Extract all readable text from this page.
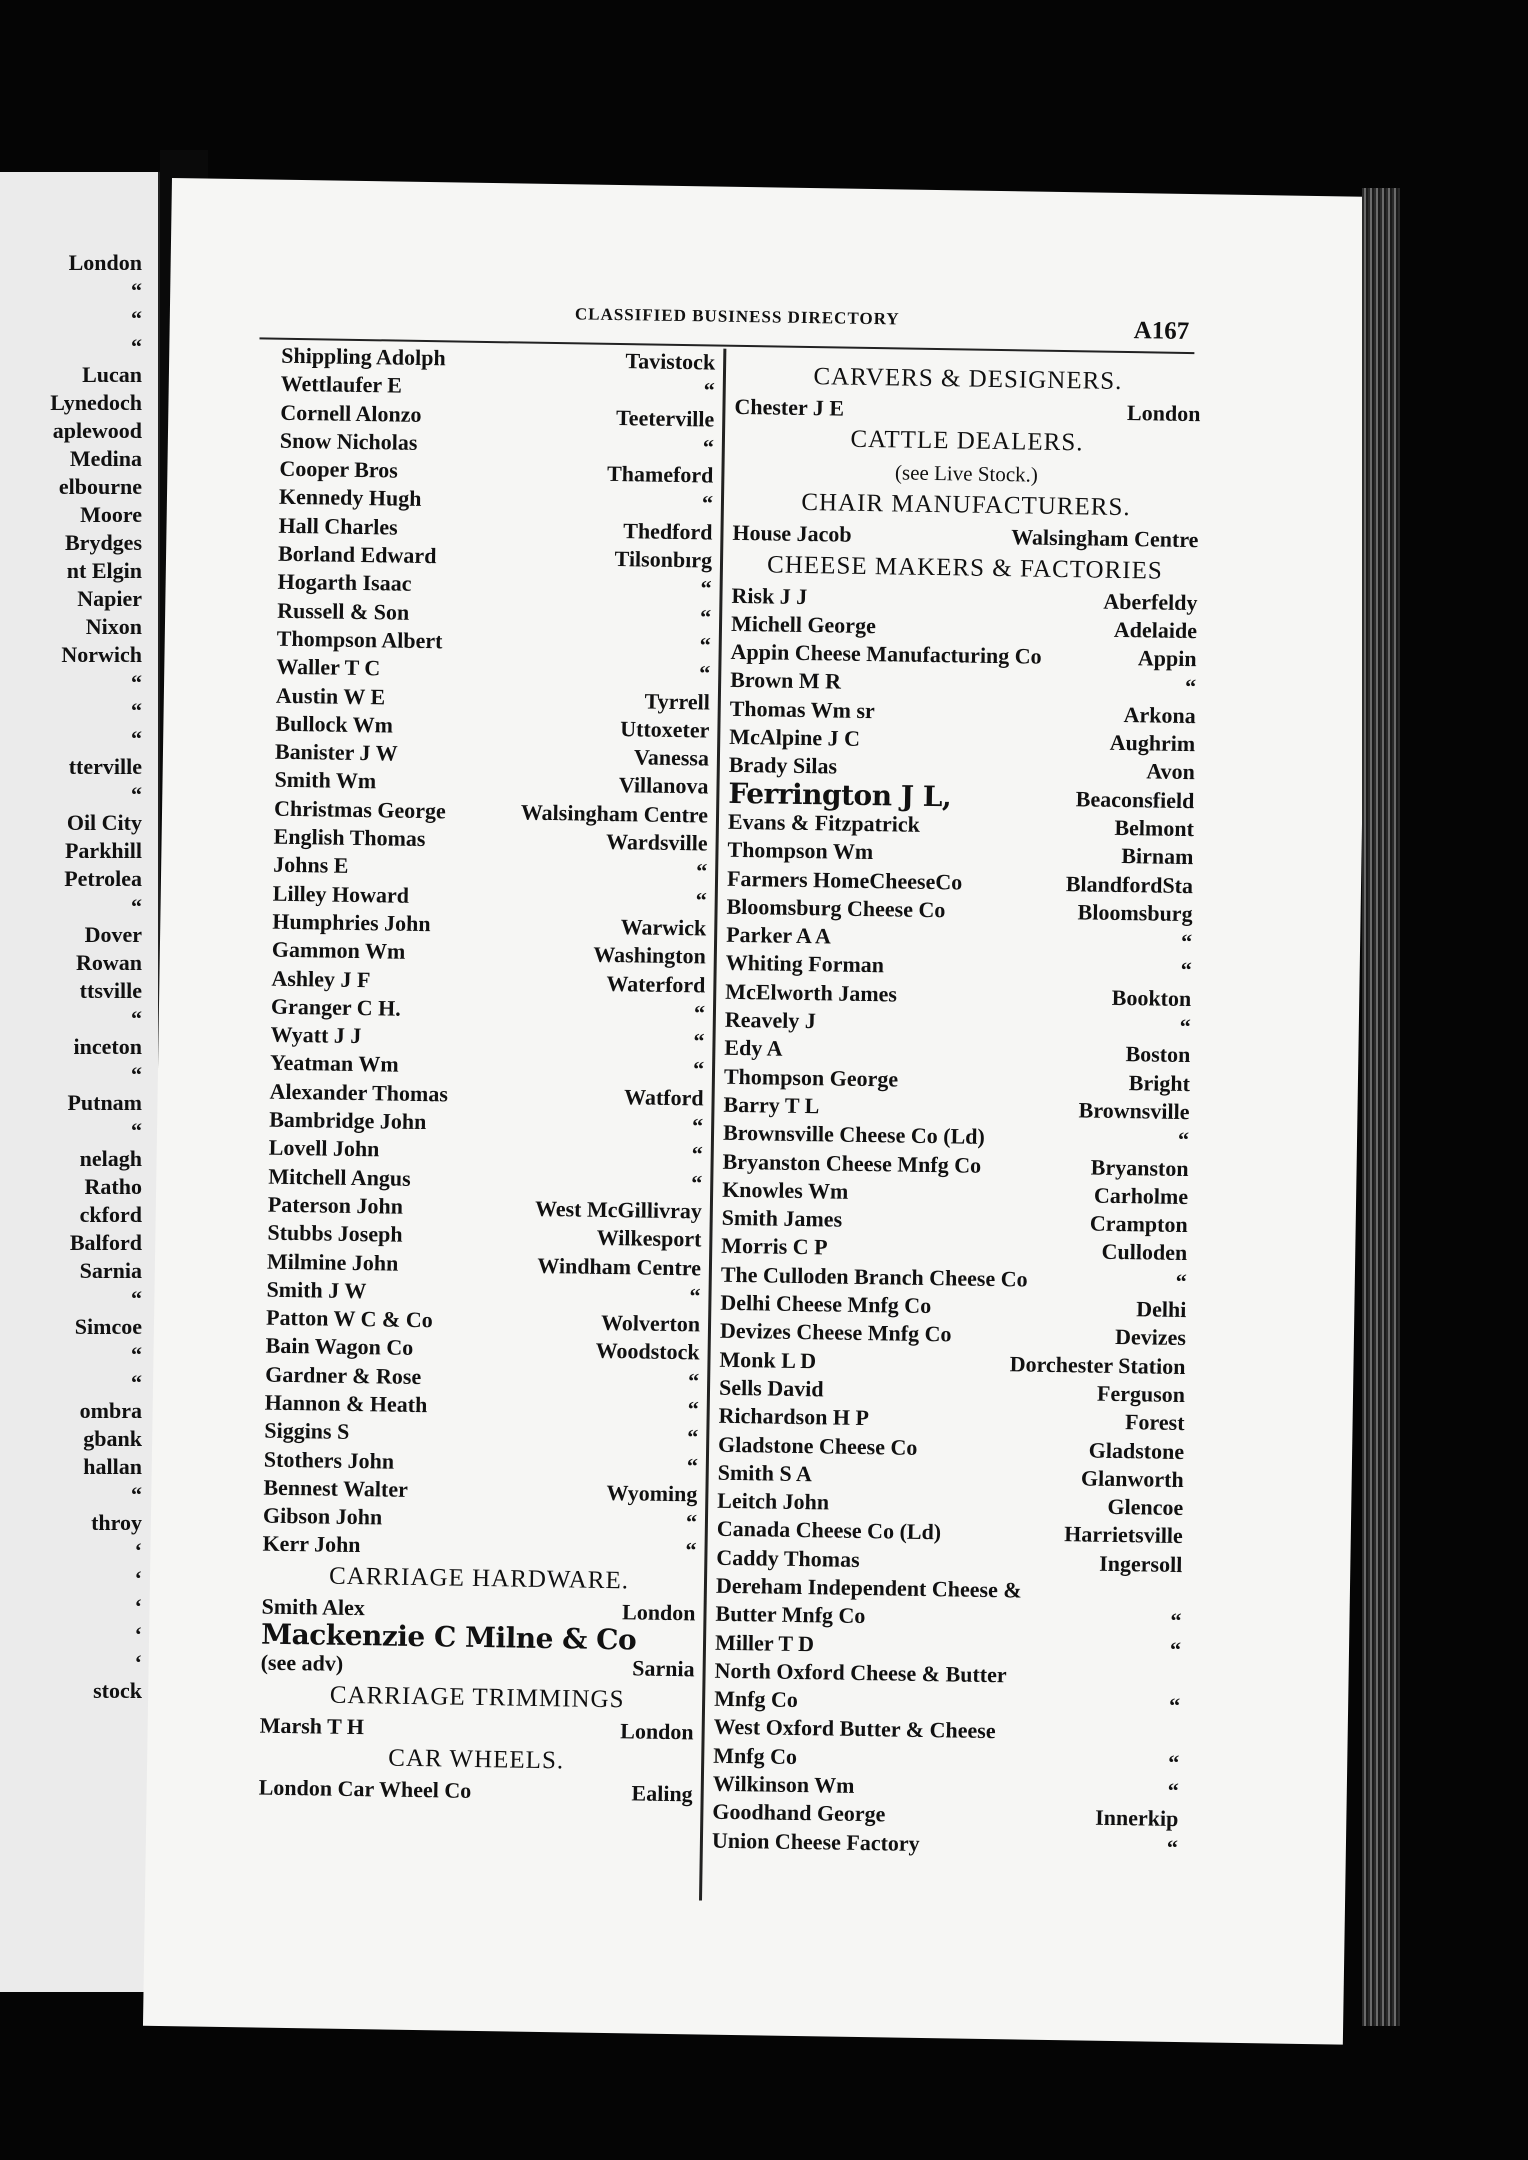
London
“
“
“
Lucan
Lynedoch
aplewood
Medina
elbourne
Moore
Brydges
nt Elgin
Napier
Nixon
Norwich
“
“
“
tterville
“
Oil City
Parkhill
Petrolea
“
Dover
Rowan
ttsville
“
inceton
“
Putnam
“
nelagh
Ratho
ckford
Balford
Sarnia
“
Simcoe
“
“
ombra
gbank
hallan
“
throy
‘
‘
‘
‘
‘
stock
CLASSIFIED BUSINESS DIRECTORY
A167
Shippling Adolph	Tavistock
Wettlaufer E	“
Cornell Alonzo	Teeterville
Snow Nicholas	“
Cooper Bros	Thameford
Kennedy Hugh	“
Hall Charles	Thedford
Borland Edward	Tilsonbırg
Hogarth Isaac	“
Russell & Son	“
Thompson Albert	“
Waller T C	“
Austin W E	Tyrrell
Bullock Wm	Uttoxeter
Banister J W	Vanessa
Smith Wm	Villanova
Christmas George	Walsingham Centre
English Thomas	Wardsville
Johns E	“
Lilley Howard	“
Humphries John	Warwick
Gammon Wm	Washington
Ashley J F	Waterford
Granger C H.	“
Wyatt J J	“
Yeatman Wm	“
Alexander Thomas	Watford
Bambridge John	“
Lovell John	“
Mitchell Angus	“
Paterson John	West McGillivray
Stubbs Joseph	Wilkesport
Milmine John	Windham Centre
Smith J W	“
Patton W C & Co	Wolverton
Bain Wagon Co	Woodstock
Gardner & Rose	“
Hannon & Heath	“
Siggins S	“
Stothers John	“
Bennest Walter	Wyoming
Gibson John	“
Kerr John	“
CARRIAGE HARDWARE.
Smith Alex	London
Mackenzie C Milne & Co
(see adv)	Sarnia
CARRIAGE TRIMMINGS
Marsh T H	London
CAR WHEELS.
London Car Wheel Co	Ealing
CARVERS & DESIGNERS.
Chester J E	London
CATTLE DEALERS.
(see Live Stock.)
CHAIR MANUFACTURERS.
House Jacob	Walsingham Centre
CHEESE MAKERS & FACTORIES
Risk J J	Aberfeldy
Michell George	Adelaide
Appin Cheese Manufacturing Co	Appin
Brown M R	“
Thomas Wm sr	Arkona
McAlpine J C	Aughrim
Brady Silas	Avon
Ferrington J L,	Beaconsfield
Evans & Fitzpatrick	Belmont
Thompson Wm	Birnam
Farmers HomeCheeseCo	BlandfordSta
Bloomsburg Cheese Co	Bloomsburg
Parker A A	“
Whiting Forman	“
McElworth James	Bookton
Reavely J	“
Edy A	Boston
Thompson George	Bright
Barry T L	Brownsville
Brownsville Cheese Co (Ld)	“
Bryanston Cheese Mnfg Co	Bryanston
Knowles Wm	Carholme
Smith James	Crampton
Morris C P	Culloden
The Culloden Branch Cheese Co	“
Delhi Cheese Mnfg Co	Delhi
Devizes Cheese Mnfg Co	Devizes
Monk L D	Dorchester Station
Sells David	Ferguson
Richardson H P	Forest
Gladstone Cheese Co	Gladstone
Smith S A	Glanworth
Leitch John	Glencoe
Canada Cheese Co (Ld)	Harrietsville
Caddy Thomas	Ingersoll
Dereham Independent Cheese &
Butter Mnfg Co	“
Miller T D	“
North Oxford Cheese & Butter
Mnfg Co	“
West Oxford Butter & Cheese
Mnfg Co	“
Wilkinson Wm	“
Goodhand George	Innerkip
Union Cheese Factory	“
